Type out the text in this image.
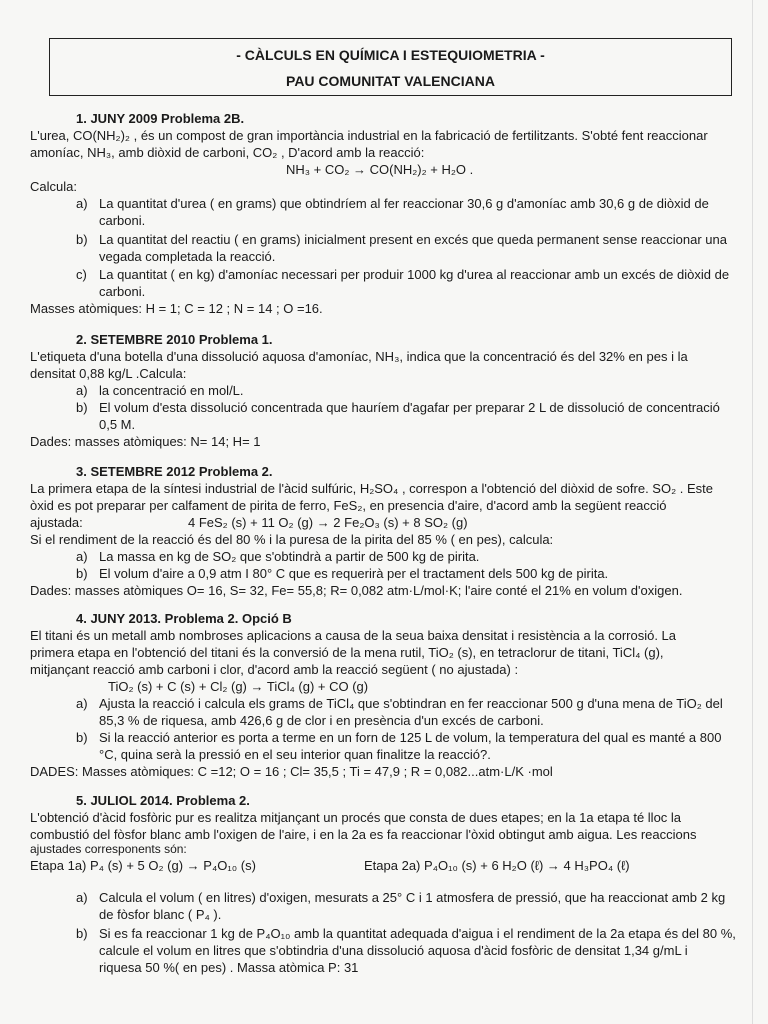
- CÀLCULS EN QUÍMICA I ESTEQUIOMETRIA -
PAU COMUNITAT VALENCIANA
1. JUNY 2009 Problema 2B.
L'urea, CO(NH₂)₂ , és un compost de gran importància industrial en la fabricació de fertilitzants. S'obté fent reaccionar
amoníac, NH₃, amb diòxid de carboni, CO₂ , D'acord amb la reacció:
NH₃ + CO₂ → CO(NH₂)₂ + H₂O .
Calcula:
a) La quantitat d'urea ( en grams) que obtindríem al fer reaccionar 30,6 g d'amoníac amb 30,6 g de diòxid de
carboni.
b) La quantitat del reactiu ( en grams) inicialment present en excés que queda permanent sense reaccionar una
vegada completada la reacció.
c) La quantitat ( en kg) d'amoníac necessari per produir 1000 kg d'urea al reaccionar amb un excés de diòxid de
carboni.
Masses atòmiques: H = 1; C = 12 ; N = 14 ; O =16.
2. SETEMBRE 2010 Problema 1.
L'etiqueta d'una botella d'una dissolució aquosa d'amoníac, NH₃, indica que la concentració és del 32% en pes i la
densitat 0,88 kg/L .Calcula:
a) la concentració en mol/L.
b) El volum d'esta dissolució concentrada que hauríem d'agafar per preparar 2 L de dissolució de concentració
0,5 M.
Dades: masses atòmiques: N= 14; H= 1
3. SETEMBRE 2012 Problema 2.
La primera etapa de la síntesi industrial de l'àcid sulfúric, H₂SO₄ , correspon a l'obtenció del diòxid de sofre. SO₂ . Este
òxid es pot preparar per calfament de pirita de ferro, FeS₂, en presencia d'aire, d'acord amb la següent reacció
ajustada:	4 FeS₂ (s) + 11 O₂ (g) → 2 Fe₂O₃ (s) + 8 SO₂ (g)
Si el rendiment de la reacció és del 80 % i la puresa de la pirita del 85 % ( en pes), calcula:
a) La massa en kg de SO₂ que s'obtindrà a partir de 500 kg de pirita.
b) El volum d'aire a 0,9 atm I 80° C que es requerirà per el tractament dels 500 kg de pirita.
Dades: masses atòmiques O= 16, S= 32, Fe= 55,8; R= 0,082 atm·L/mol·K; l'aire conté el 21% en volum d'oxigen.
4. JUNY 2013. Problema 2. Opció B
El titani és un metall amb nombroses aplicacions a causa de la seua baixa densitat i resistència a la corrosió. La
primera etapa en l'obtenció del titani és la conversió de la mena rutil, TiO₂ (s), en tetraclorur de titani, TiCl₄ (g),
mitjançant reacció amb carboni i clor, d'acord amb la reacció següent ( no ajustada) :
TiO₂ (s) + C (s) + Cl₂ (g) → TiCl₄ (g) + CO (g)
a) Ajusta la reacció i calcula els grams de TiCl₄ que s'obtindran en fer reaccionar 500 g d'una mena de TiO₂ del
85,3 % de riquesa, amb 426,6 g de clor i en presència d'un excés de carboni.
b) Si la reacció anterior es porta a terme en un forn de 125 L de volum, la temperatura del qual es manté a 800
°C, quina serà la pressió en el seu interior quan finalitze la reacció?.
DADES: Masses atòmiques: C =12; O = 16 ; Cl= 35,5 ; Ti = 47,9 ; R = 0,082...atm·L/K ·mol
5. JULIOL 2014. Problema 2.
L'obtenció d'àcid fosfòric pur es realitza mitjançant un procés que consta de dues etapes; en la 1a etapa té lloc la
combustió del fòsfor blanc amb l'oxigen de l'aire, i en la 2a es fa reaccionar l'òxid obtingut amb aigua. Les reaccions
ajustades corresponents són:
Etapa 1a) P₄ (s) + 5 O₂ (g) → P₄O₁₀ (s)	Etapa 2a) P₄O₁₀ (s) + 6 H₂O (ℓ) → 4 H₃PO₄ (ℓ)
a) Calcula el volum ( en litres) d'oxigen, mesurats a 25° C i 1 atmosfera de pressió, que ha reaccionat amb 2 kg
de fòsfor blanc ( P₄ ).
b) Si es fa reaccionar 1 kg de P₄O₁₀ amb la quantitat adequada d'aigua i el rendiment de la 2a etapa és del 80 %,
calcule el volum en litres que s'obtindria d'una dissolució aquosa d'àcid fosfòric de densitat 1,34 g/mL i
riquesa 50 %( en pes) . Massa atòmica P: 31
